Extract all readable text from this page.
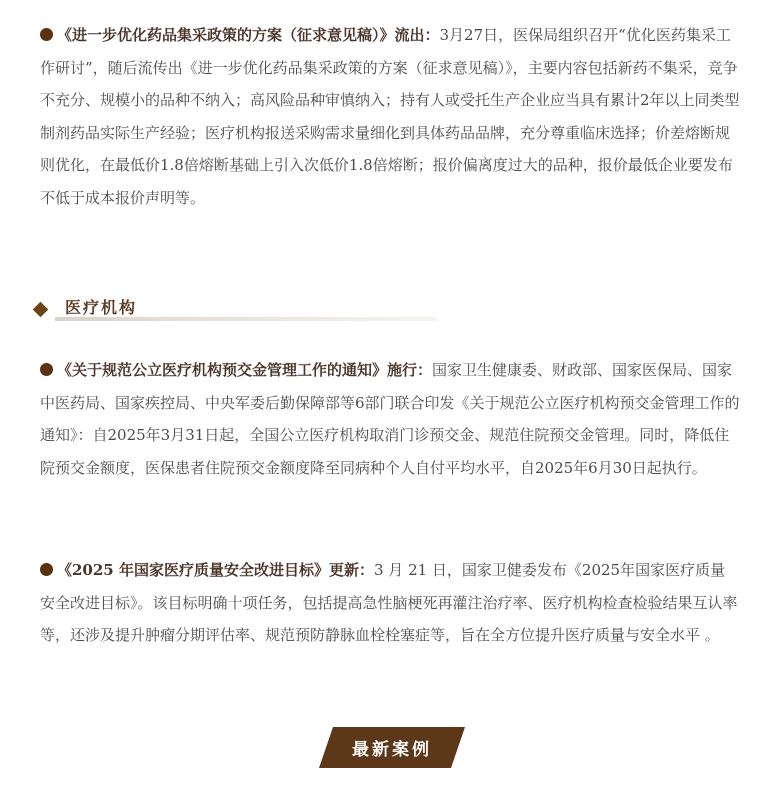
《进一步优化药品集采政策的方案（征求意见稿）》流出：3月27日，医保局组织召开“优化医药集采工作研讨”，随后流传出《进一步优化药品集采政策的方案（征求意见稿）》，主要内容包括新药不集采，竞争不充分、规模小的品种不纳入；高风险品种审慎纳入；持有人或受托生产企业应当具有累计2年以上同类型制剂药品实际生产经验；医疗机构报送采购需求量细化到具体药品品牌，充分尊重临床选择；价差熔断规则优化，在最低价1.8倍熔断基础上引入次低价1.8倍熔断；报价偏离度过大的品种，报价最低企业要发布不低于成本报价声明等。
医疗机构
《关于规范公立医疗机构预交金管理工作的通知》施行：国家卫生健康委、财政部、国家医保局、国家中医药局、国家疾控局、中央军委后勤保障部等6部门联合印发《关于规范公立医疗机构预交金管理工作的通知》：自2025年3月31日起，全国公立医疗机构取消门诊预交金、规范住院预交金管理。同时，降低住院预交金额度，医保患者住院预交金额度降至同病种个人自付平均水平，自2025年6月30日起执行。
《2025 年国家医疗质量安全改进目标》更新：3 月 21 日，国家卫健委发布《2025年国家医疗质量安全改进目标》。该目标明确十项任务，包括提高急性脑梗死再灌注治疗率、医疗机构检查检验结果互认率等，还涉及提升肿瘤分期评估率、规范预防静脉血栓栓塞症等，旨在全方位提升医疗质量与安全水平 。
最新案例
